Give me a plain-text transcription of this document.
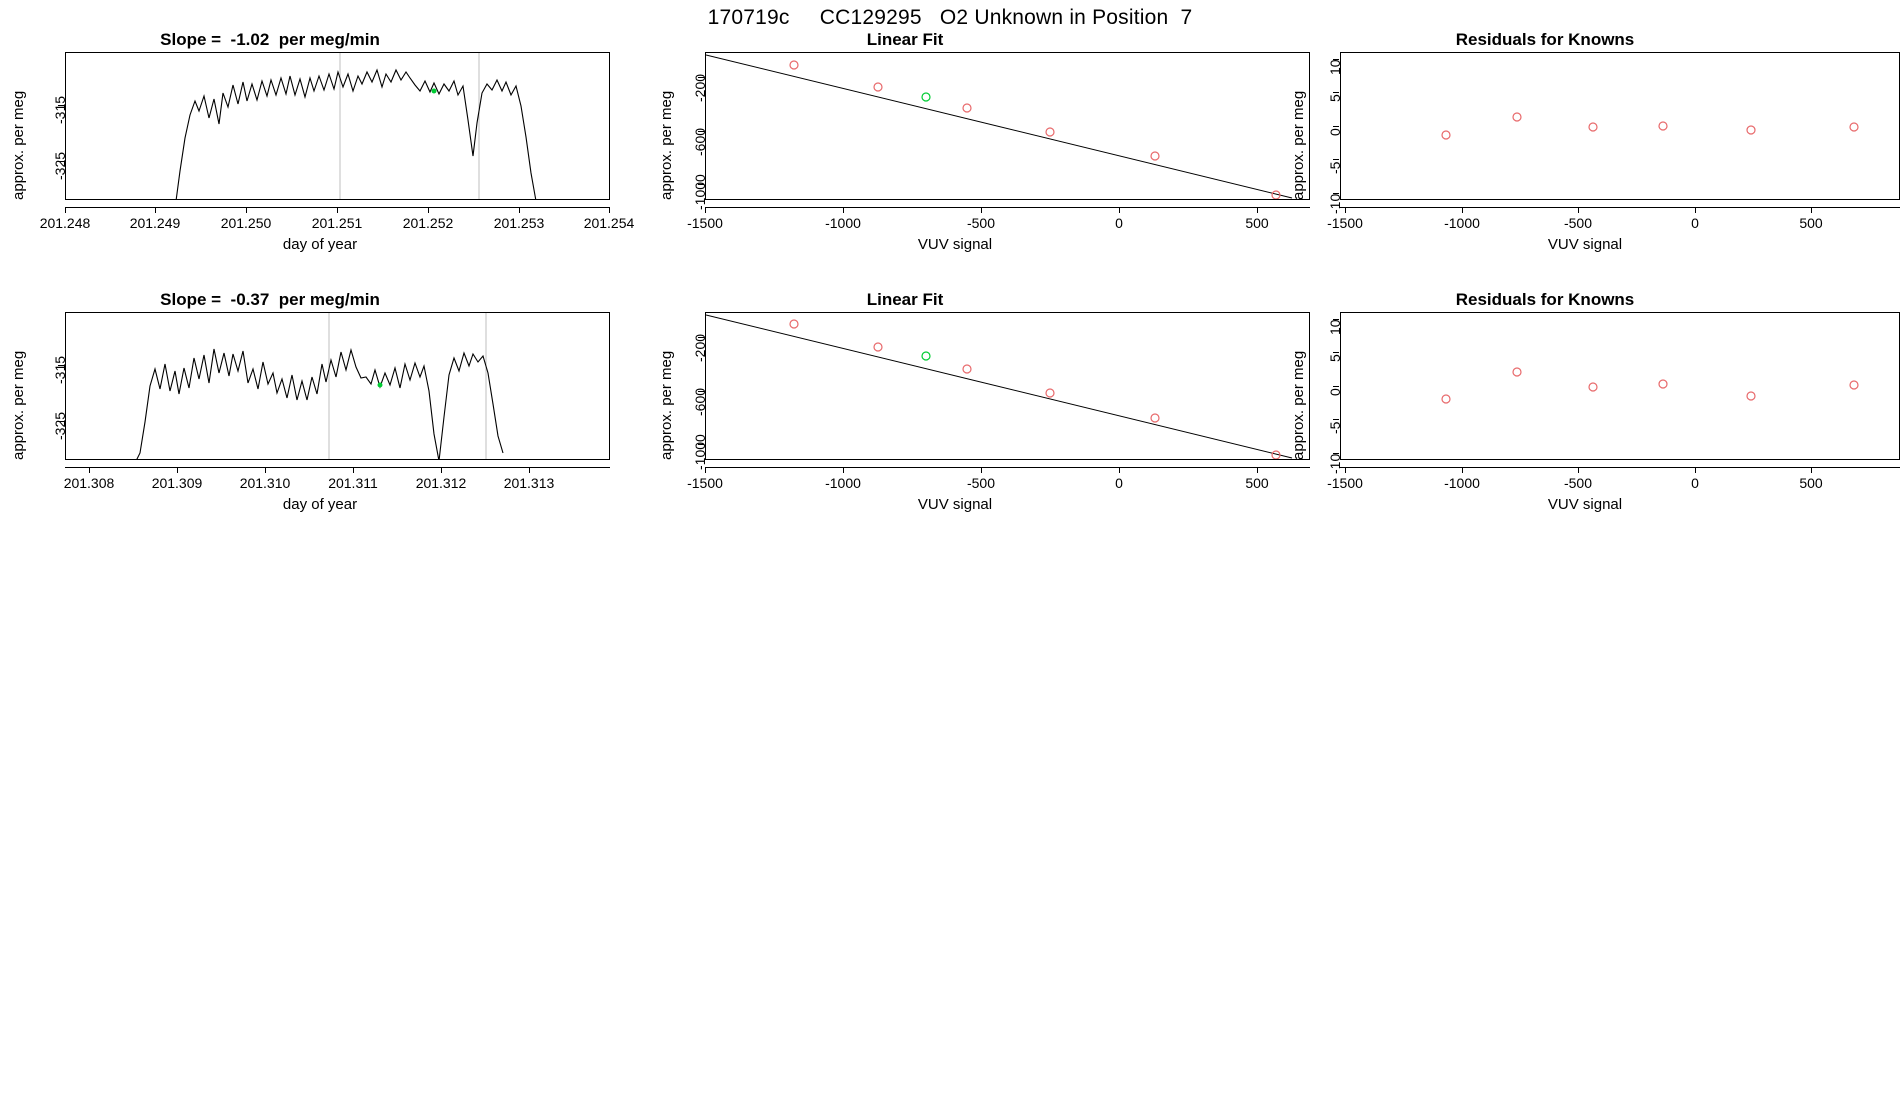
170719c     CC129295   O2 Unknown in Position  7
Slope =  -1.02  per meg/min
approx. per meg
201.248	201.249	201.250	201.251	201.252	201.253	201.254
day of year
-325
-315
Linear Fit
approx. per meg
-1500	-1000	-500	0	500
VUV signal
-1000
-600
-200
Residuals for Knowns
approx. per meg
-1500	-1000	-500	0	500
VUV signal
-10
-5
0
5
10
Slope =  -0.37  per meg/min
approx. per meg
201.308	201.309	201.310	201.311	201.312	201.313
day of year
-325
-315
Linear Fit
approx. per meg
-1500	-1000	-500	0	500
VUV signal
-1000
-600
-200
Residuals for Knowns
approx. per meg
-1500	-1000	-500	0	500
VUV signal
-10
-5
0
5
10
